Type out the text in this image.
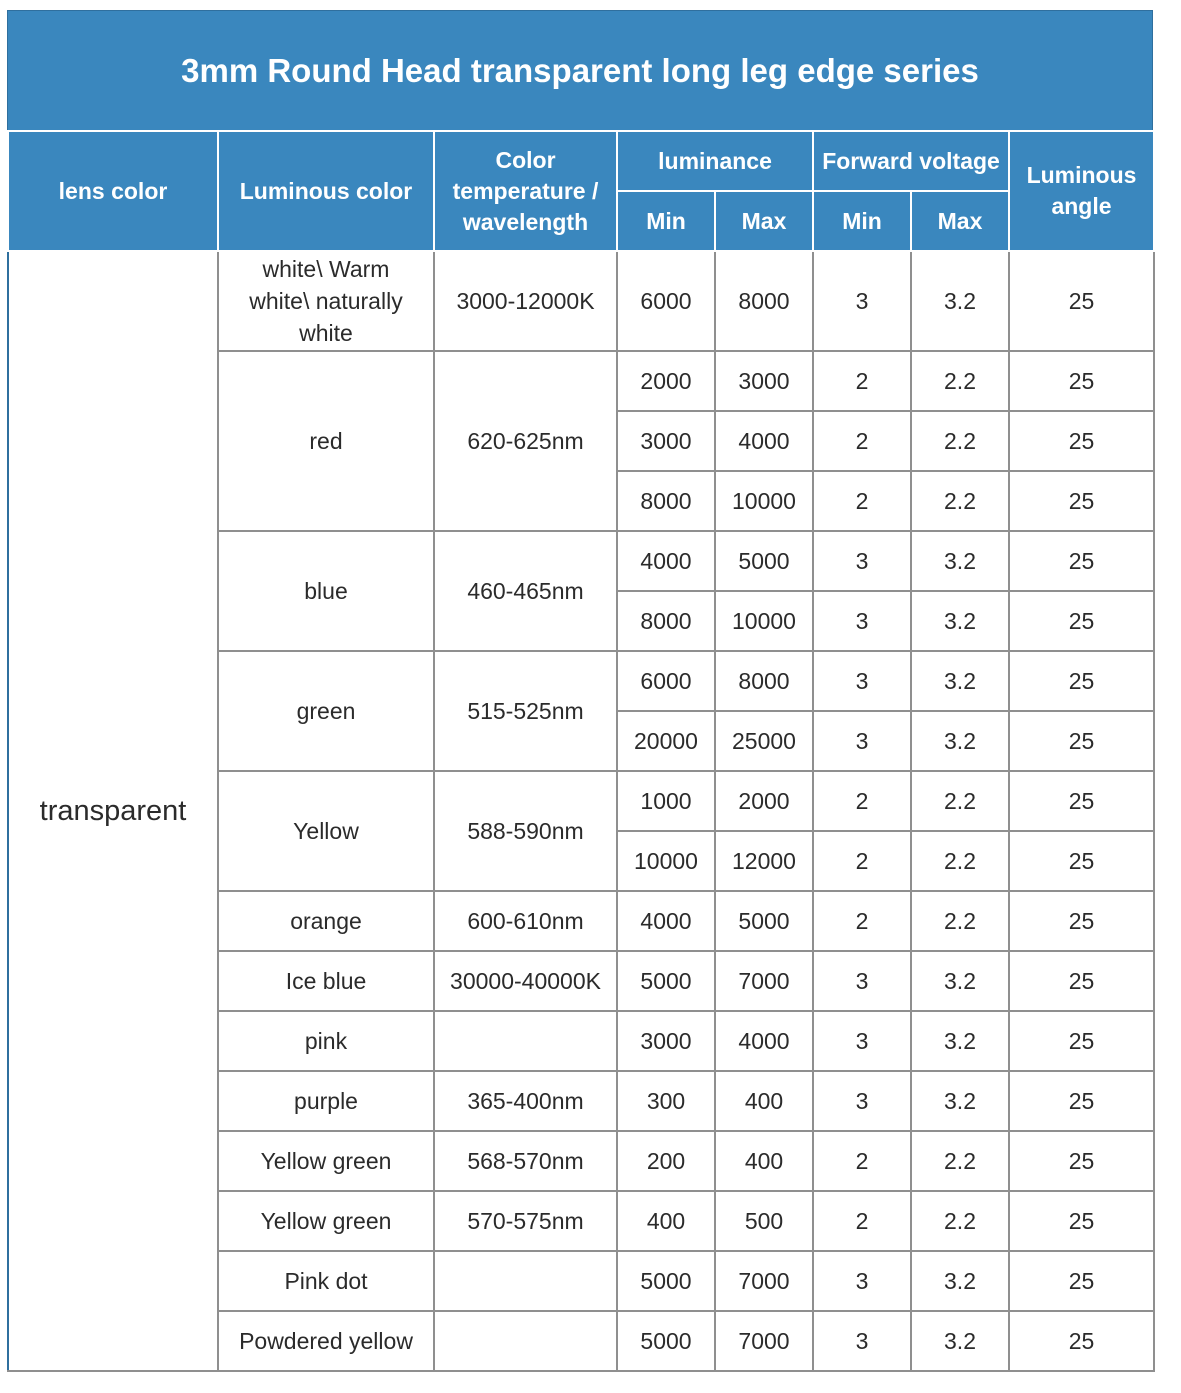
3mm Round Head transparent long leg edge series
lens color	Luminous color	Color temperature / wavelength	luminance		Forward voltage		Luminous angle
			Min	Max	Min	Max	
transparent	white\ Warm white\ naturally white	3000-12000K	6000	8000	3	3.2	25
	red	620-625nm	2000	3000	2	2.2	25
			3000	4000	2	2.2	25
			8000	10000	2	2.2	25
	blue	460-465nm	4000	5000	3	3.2	25
			8000	10000	3	3.2	25
	green	515-525nm	6000	8000	3	3.2	25
			20000	25000	3	3.2	25
	Yellow	588-590nm	1000	2000	2	2.2	25
			10000	12000	2	2.2	25
	orange	600-610nm	4000	5000	2	2.2	25
	Ice blue	30000-40000K	5000	7000	3	3.2	25
	pink		3000	4000	3	3.2	25
	purple	365-400nm	300	400	3	3.2	25
	Yellow green	568-570nm	200	400	2	2.2	25
	Yellow green	570-575nm	400	500	2	2.2	25
	Pink dot		5000	7000	3	3.2	25
	Powdered yellow		5000	7000	3	3.2	25
